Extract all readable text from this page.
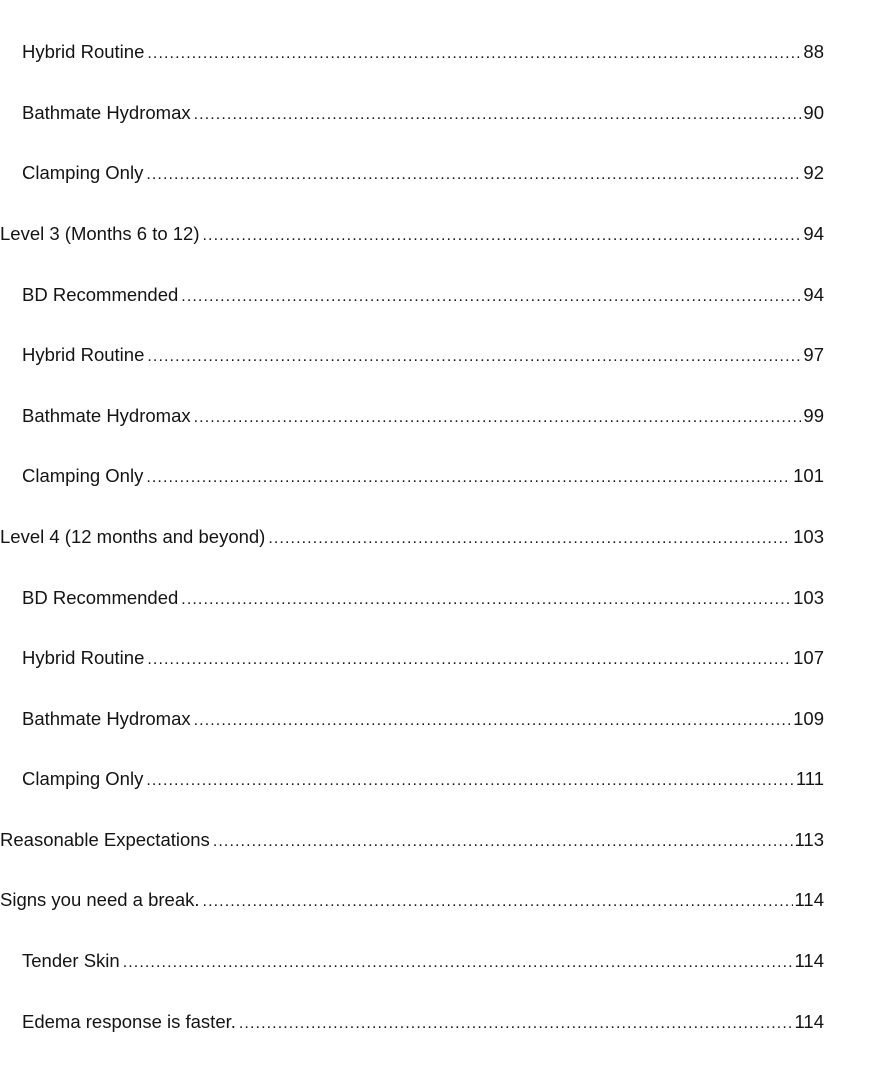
Hybrid Routine .....	88
Bathmate Hydromax .....	90
Clamping Only .....	92
Level 3 (Months 6 to 12) .....	94
BD Recommended .....	94
Hybrid Routine .....	97
Bathmate Hydromax .....	99
Clamping Only .....	101
Level 4 (12 months and beyond) .....	103
BD Recommended .....	103
Hybrid Routine .....	107
Bathmate Hydromax .....	109
Clamping Only .....	111
Reasonable Expectations .....	113
Signs you need a break. .....	114
Tender Skin .....	114
Edema response is faster. .....	114
